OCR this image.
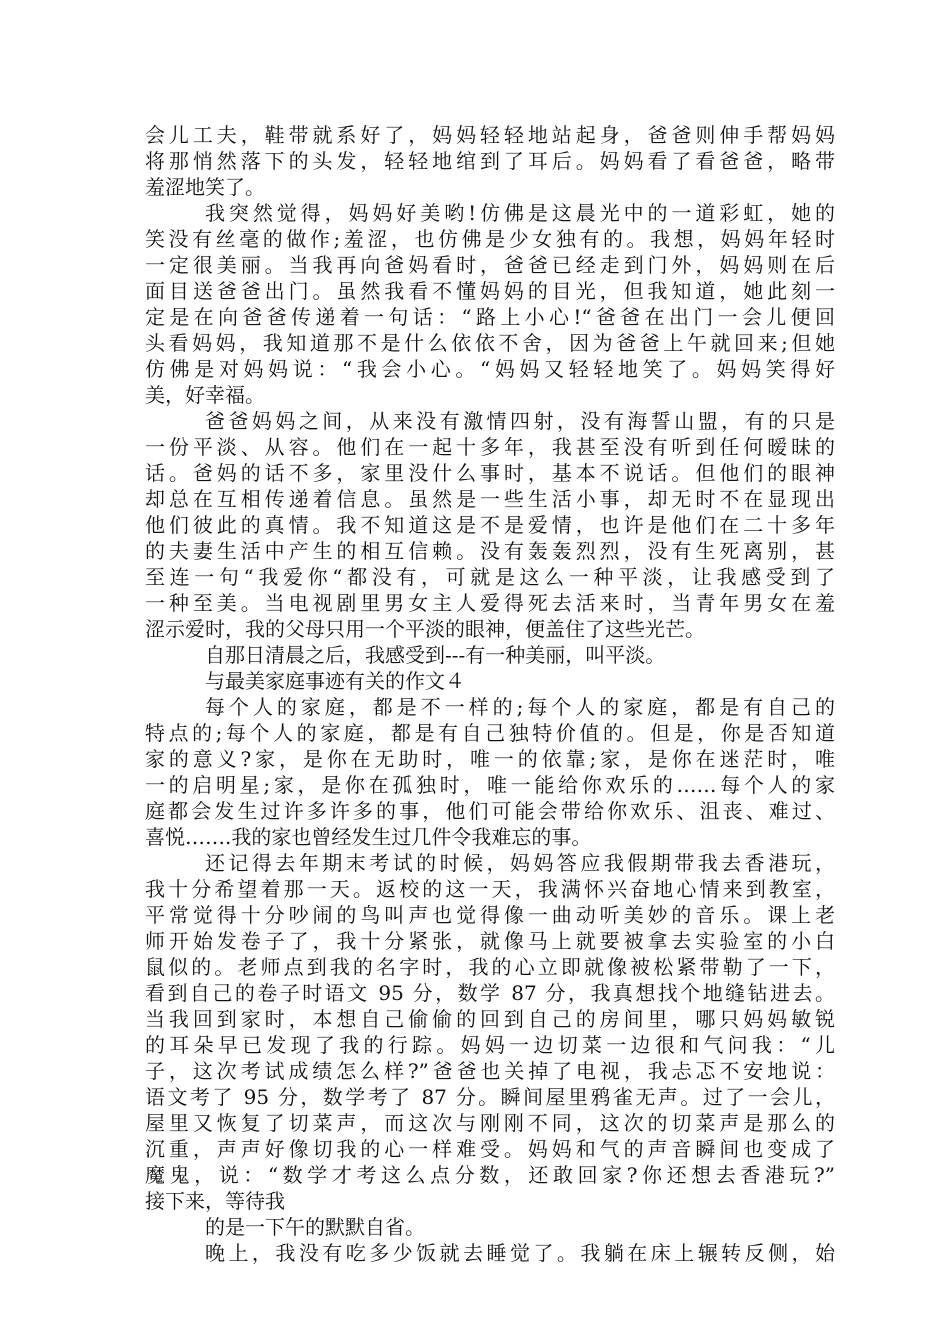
会儿工夫，鞋带就系好了，妈妈轻轻地站起身，爸爸则伸手帮妈妈
将那悄然落下的头发，轻轻地绾到了耳后。妈妈看了看爸爸，略带
羞涩地笑了。
我突然觉得，妈妈好美哟!仿佛是这晨光中的一道彩虹，她的
笑没有丝毫的做作;羞涩，也仿佛是少女独有的。我想，妈妈年轻时
一定很美丽。当我再向爸妈看时，爸爸已经走到门外，妈妈则在后
面目送爸爸出门。虽然我看不懂妈妈的目光，但我知道，她此刻一
定是在向爸爸传递着一句话：“路上小心!“爸爸在出门一会儿便回
头看妈妈，我知道那不是什么依依不舍，因为爸爸上午就回来;但她
仿佛是对妈妈说：“我会小心。“妈妈又轻轻地笑了。妈妈笑得好
美，好幸福。
爸爸妈妈之间，从来没有激情四射，没有海誓山盟，有的只是
一份平淡、从容。他们在一起十多年，我甚至没有听到任何暧昧的
话。爸妈的话不多，家里没什么事时，基本不说话。但他们的眼神
却总在互相传递着信息。虽然是一些生活小事，却无时不在显现出
他们彼此的真情。我不知道这是不是爱情，也许是他们在二十多年
的夫妻生活中产生的相互信赖。没有轰轰烈烈，没有生死离别，甚
至连一句“我爱你“都没有，可就是这么一种平淡，让我感受到了
一种至美。当电视剧里男女主人爱得死去活来时，当青年男女在羞
涩示爱时，我的父母只用一个平淡的眼神，便盖住了这些光芒。
自那日清晨之后，我感受到---有一种美丽，叫平淡。
与最美家庭事迹有关的作文４
每个人的家庭，都是不一样的;每个人的家庭，都是有自己的
特点的;每个人的家庭，都是有自己独特价值的。但是，你是否知道
家的意义?家，是你在无助时，唯一的依靠;家，是你在迷茫时，唯
一的启明星;家，是你在孤独时，唯一能给你欢乐的……每个人的家
庭都会发生过许多许多的事，他们可能会带给你欢乐、沮丧、难过、
喜悦…….我的家也曾经发生过几件令我难忘的事。
还记得去年期末考试的时候，妈妈答应我假期带我去香港玩，
我十分希望着那一天。返校的这一天，我满怀兴奋地心情来到教室，
平常觉得十分吵闹的鸟叫声也觉得像一曲动听美妙的音乐。课上老
师开始发卷子了，我十分紧张，就像马上就要被拿去实验室的小白
鼠似的。老师点到我的名字时，我的心立即就像被松紧带勒了一下，
看到自己的卷子时语文 95 分，数学 87 分，我真想找个地缝钻进去。
当我回到家时，本想自己偷偷的回到自己的房间里，哪只妈妈敏锐
的耳朵早已发现了我的行踪。妈妈一边切菜一边很和气问我：“儿
子，这次考试成绩怎么样?”爸爸也关掉了电视，我忐忑不安地说：
语文考了 95 分，数学考了 87 分。瞬间屋里鸦雀无声。过了一会儿，
屋里又恢复了切菜声，而这次与刚刚不同，这次的切菜声是那么的
沉重，声声好像切我的心一样难受。妈妈和气的声音瞬间也变成了
魔鬼，说：“数学才考这么点分数，还敢回家?你还想去香港玩?”
接下来，等待我
的是一下午的默默自省。
晚上，我没有吃多少饭就去睡觉了。我躺在床上辗转反侧，始
